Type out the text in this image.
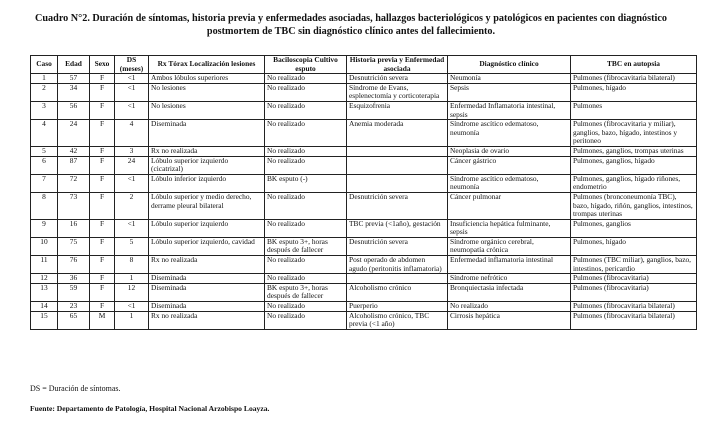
Cuadro N°2. Duración de síntomas, historia previa y enfermedades asociadas, hallazgos bacteriológicos y patológicos en pacientes con diagnóstico
postmortem de TBC sin diagnóstico clínico antes del fallecimiento.
Caso	Edad	Sexo	DS (meses)	Rx Tórax Localización lesiones	Baciloscopia Cultivo esputo	Historia previa y Enfermedad asociada	Diagnóstico clínico	TBC en autopsia
1	57	F	<1	Ambos lóbulos superiores	No realizado	Desnutrición severa	Neumonía	Pulmones (fibrocavitaria bilateral)
2	34	F	<1	No lesiones	No realizado	Síndrome de Evans, esplenectomía y corticoterapia	Sepsis	Pulmones, hígado
3	56	F	<1	No lesiones	No realizado	Esquizofrenia	Enfermedad Inflamatoria intestinal, sepsis	Pulmones
4	24	F	4	Diseminada	No realizado	Anemia moderada	Síndrome ascítico edematoso, neumonía	Pulmones (fibrocavitaria y miliar), ganglios, bazo, hígado, intestinos y peritoneo
5	42	F	3	Rx no realizada	No realizado		Neoplasia de ovario	Pulmones, ganglios, trompas uterinas
6	87	F	24	Lóbulo superior izquierdo (cicatrizal)	No realizado		Cáncer gástrico	Pulmones, ganglios, hígado
7	72	F	<1	Lóbulo inferior izquierdo	BK esputo (-)		Síndrome ascítico edematoso, neumonía	Pulmones, ganglios, hígado riñones, endometrio
8	73	F	2	Lóbulo superior y medio derecho, derrame pleural bilateral	No realizado	Desnutrición severa	Cáncer pulmonar	Pulmones (bronconeumonía TBC), bazo, hígado, riñón, ganglios, intestinos, trompas uterinas
9	16	F	<1	Lóbulo superior izquierdo	No realizado	TBC previa (<1año), gestación	Insuficiencia hepática fulminante, sepsis	Pulmones, ganglios
10	75	F	5	Lóbulo superior izquierdo, cavidad	BK esputo 3+, horas después de fallecer	Desnutrición severa	Síndrome orgánico cerebral, neumopatía crónica	Pulmones, hígado
11	76	F	8	Rx no realizada	No realizado	Post operado de abdomen agudo (peritonitis inflamatoria)	Enfermedad inflamatoria intestinal	Pulmones (TBC miliar), ganglios, bazo, intestinos, pericardio
12	36	F	1	Diseminada	No realizado		Síndrome nefrótico	Pulmones (fibrocavitaria)
13	59	F	12	Diseminada	BK esputo 3+, horas después de fallecer	Alcoholismo crónico	Bronquiectasia infectada	Pulmones (fibrocavitaria)
14	23	F	<1	Diseminada	No realizado	Puerperio	No realizado	Pulmones (fibrocavitaria bilateral)
15	65	M	1	Rx no realizada	No realizado	Alcoholismo crónico, TBC previa (<1 año)	Cirrosis hepática	Pulmones (fibrocavitaria bilateral)
DS = Duración de síntomas.
Fuente: Departamento de Patología, Hospital Nacional Arzobispo Loayza.
